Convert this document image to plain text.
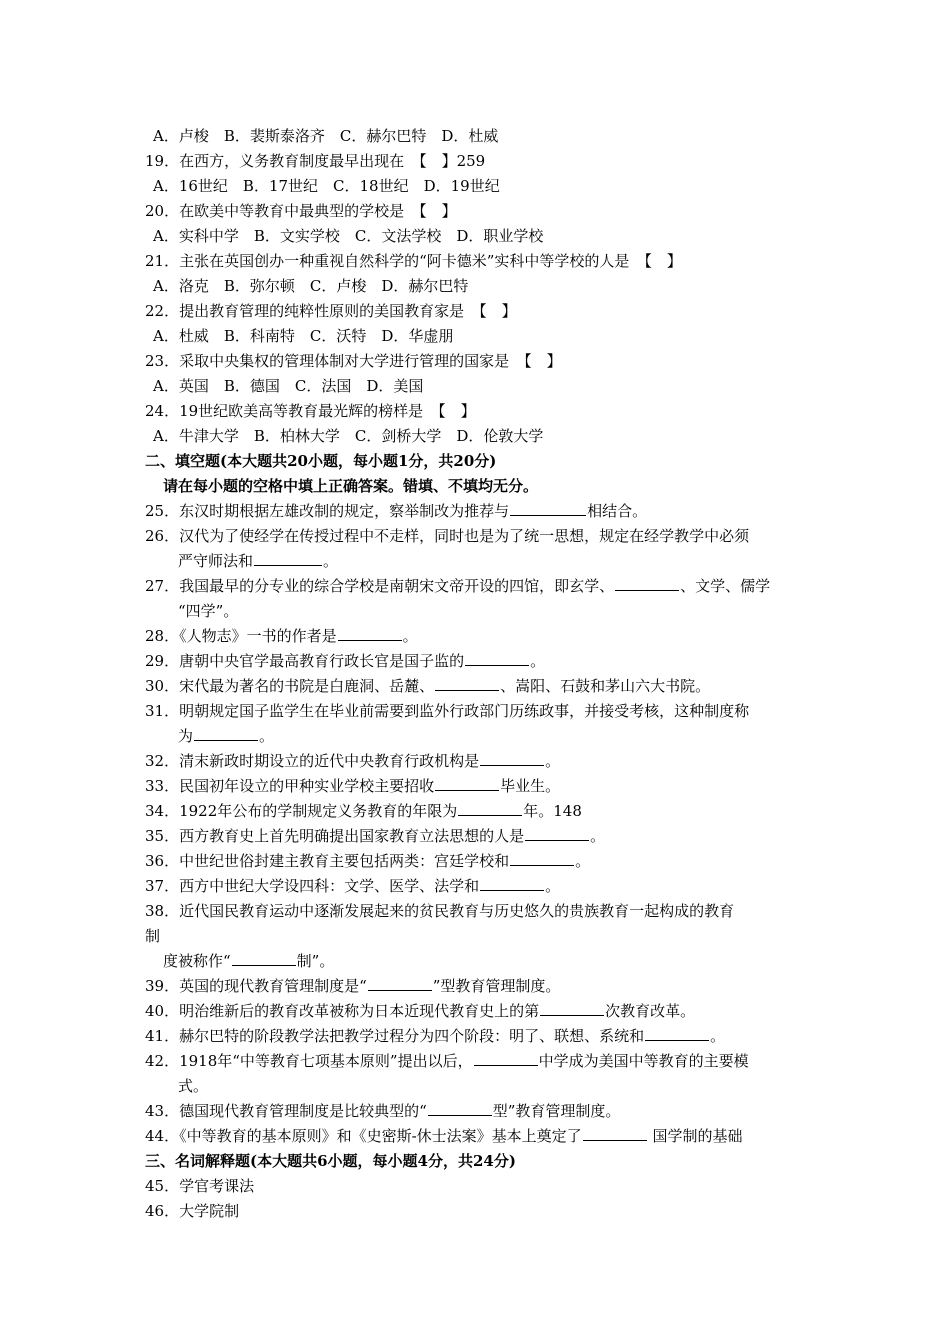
A．卢梭　B．裴斯泰洛齐　C．赫尔巴特　D．杜威
19．在西方，义务教育制度最早出现在　【　】259
A．16世纪　B．17世纪　C．18世纪　D．19世纪
20．在欧美中等教育中最典型的学校是　【　】
A．实科中学　B．文实学校　C．文法学校　D．职业学校
21．主张在英国创办一种重视自然科学的“阿卡德米”实科中等学校的人是　【　】
A．洛克　B．弥尔顿　C．卢梭　D．赫尔巴特
22．提出教育管理的纯粹性原则的美国教育家是　【　】
A．杜威　B．科南特　C．沃特　D．华虚朋
23．采取中央集权的管理体制对大学进行管理的国家是　【　】
A．英国　B．德国　C．法国　D．美国
24．19世纪欧美高等教育最光辉的榜样是　【　】
A．牛津大学　B．柏林大学　C．剑桥大学　D．伦敦大学
二、填空题(本大题共20小题，每小题1分，共20分)
请在每小题的空格中填上正确答案。错填、不填均无分。
25．东汉时期根据左雄改制的规定，察举制改为推荐与	相结合。
26．汉代为了使经学在传授过程中不走样，同时也是为了统一思想，规定在经学教学中必须
严守师法和	。
27．我国最早的分专业的综合学校是南朝宋文帝开设的四馆，即玄学、	、文学、儒学
“四学”。
28．《人物志》一书的作者是	。
29．唐朝中央官学最高教育行政长官是国子监的	。
30．宋代最为著名的书院是白鹿洞、岳麓、	、嵩阳、石鼓和茅山六大书院。
31．明朝规定国子监学生在毕业前需要到监外行政部门历练政事，并接受考核，这种制度称
为	。
32．清末新政时期设立的近代中央教育行政机构是	。
33．民国初年设立的甲种实业学校主要招收	毕业生。
34．1922年公布的学制规定义务教育的年限为	年。148
35．西方教育史上首先明确提出国家教育立法思想的人是	。
36．中世纪世俗封建主教育主要包括两类：宫廷学校和	。
37．西方中世纪大学设四科：文学、医学、法学和	。
38．近代国民教育运动中逐渐发展起来的贫民教育与历史悠久的贵族教育一起构成的教育
制
度被称作“	制”。
39．英国的现代教育管理制度是“	”型教育管理制度。
40．明治维新后的教育改革被称为日本近现代教育史上的第	次教育改革。
41．赫尔巴特的阶段教学法把教学过程分为四个阶段：明了、联想、系统和	。
42．1918年“中等教育七项基本原则”提出以后，	中学成为美国中等教育的主要模
式。
43．德国现代教育管理制度是比较典型的“	型”教育管理制度。
44．《中等教育的基本原则》和《史密斯-休士法案》基本上奠定了	国学制的基础
三、名词解释题(本大题共6小题，每小题4分，共24分)
45．学官考课法
46．大学院制
